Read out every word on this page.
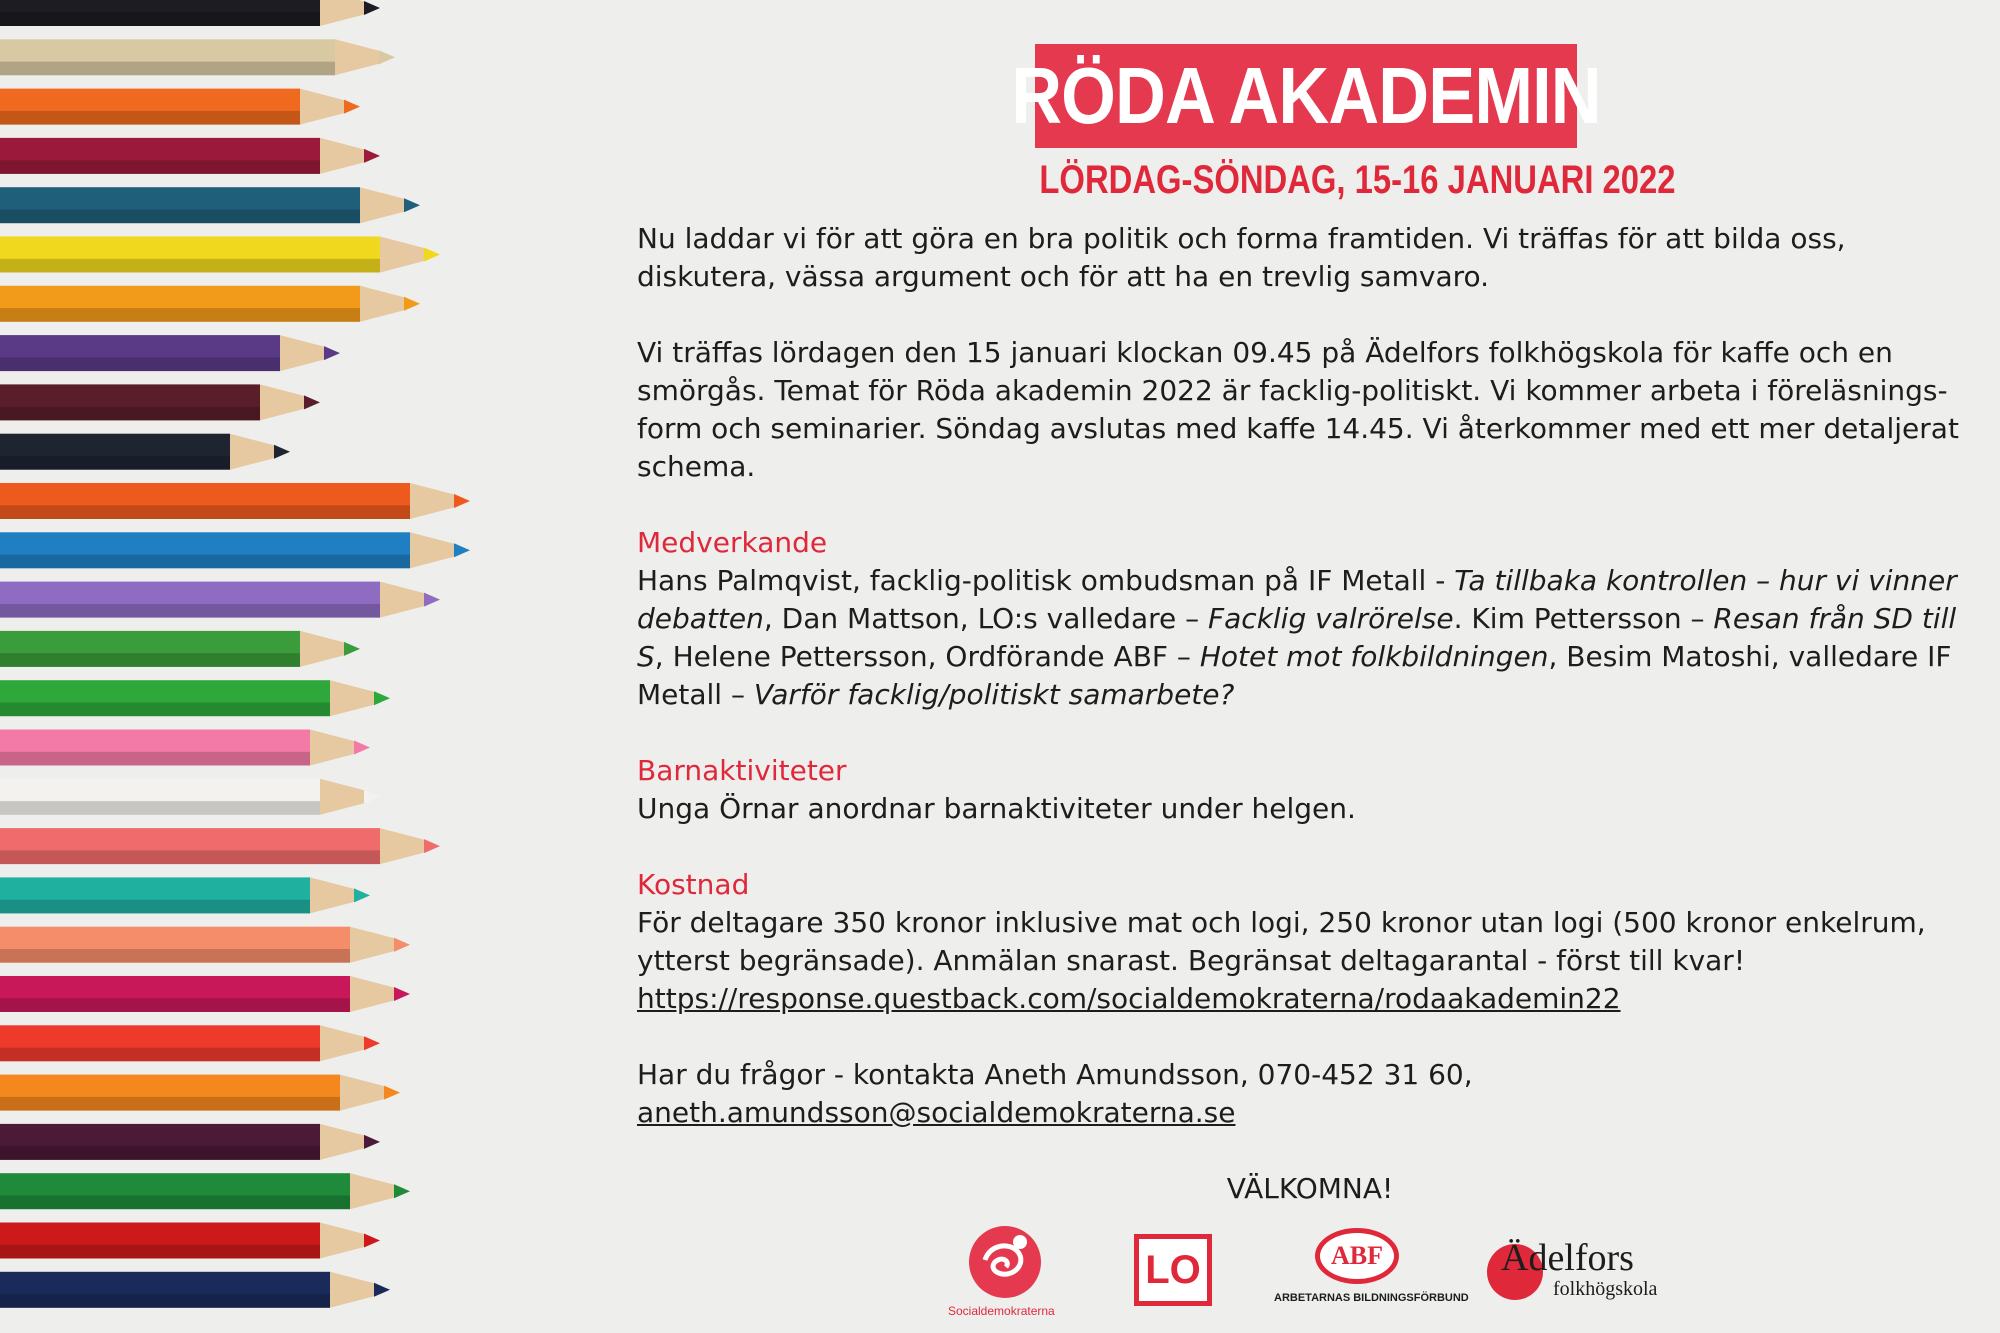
RÖDA AKADEMIN
LÖRDAG-SÖNDAG, 15-16 JANUARI 2022

Nu laddar vi för att göra en bra politik och forma framtiden. Vi träffas för att bilda oss, diskutera, vässa argument och för att ha en trevlig samvaro.

Vi träffas lördagen den 15 januari klockan 09.45 på Ädelfors folkhögskola för kaffe och en smörgås. Temat för Röda akademin 2022 är facklig-politiskt. Vi kommer arbeta i föreläsnings-form och seminarier. Söndag avslutas med kaffe 14.45. Vi återkommer med ett mer detaljerat schema.

Medverkande
Hans Palmqvist, facklig-politisk ombudsman på IF Metall - Ta tillbaka kontrollen – hur vi vinner debatten, Dan Mattson, LO:s valledare – Facklig valrörelse. Kim Pettersson – Resan från SD till S, Helene Pettersson, Ordförande ABF – Hotet mot folkbildningen, Besim Matoshi, valledare IF Metall – Varför facklig/politiskt samarbete?

Barnaktiviteter
Unga Örnar anordnar barnaktiviteter under helgen.

Kostnad
För deltagare 350 kronor inklusive mat och logi, 250 kronor utan logi (500 kronor enkelrum, ytterst begränsade). Anmälan snarast. Begränsat deltagarantal - först till kvar!
https://response.questback.com/socialdemokraterna/rodaakademin22

Har du frågor - kontakta Aneth Amundsson, 070-452 31 60,
aneth.amundsson@socialdemokraterna.se

VÄLKOMNA!
Socialdemokraterna
LO	ABF
ARBETARNAS BILDNINGSFÖRBUND
Ädelfors
folkhögskola
